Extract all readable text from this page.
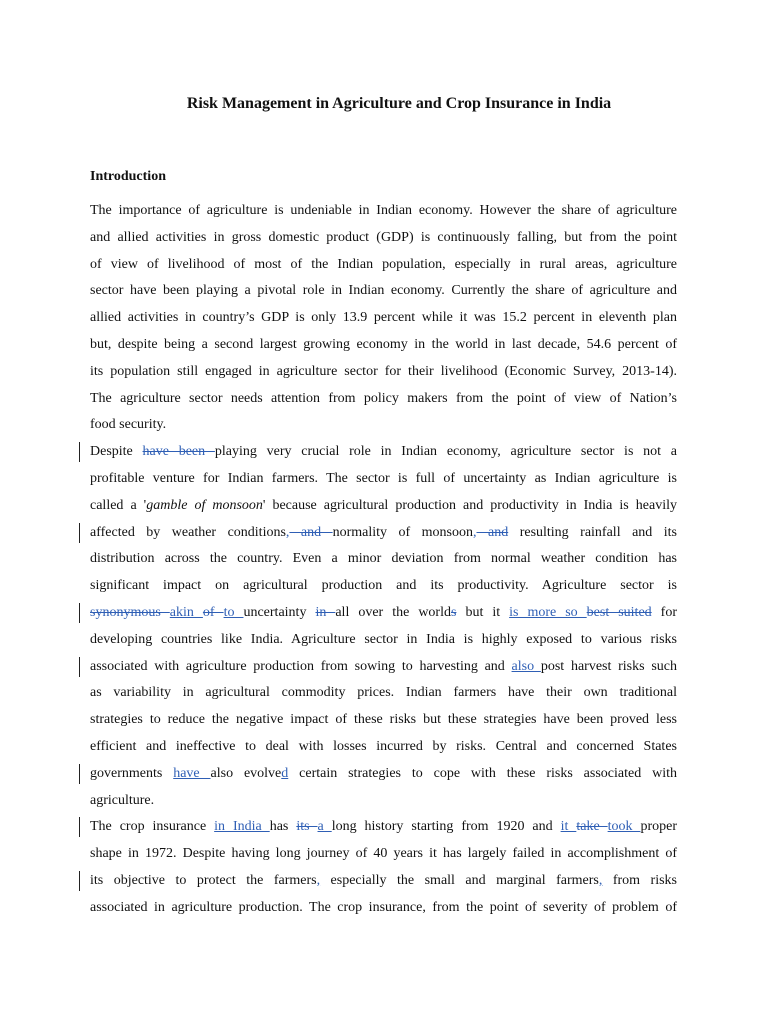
Risk Management in Agriculture and Crop Insurance in India
Introduction
The importance of agriculture is undeniable in Indian economy. However the share of agriculture
and allied activities in gross domestic product (GDP) is continuously falling, but from the point
of view of livelihood of most of the Indian population, especially in rural areas, agriculture
sector have been playing a pivotal role in Indian economy. Currently the share of agriculture and
allied activities in country’s GDP is only 13.9 percent while it was 15.2 percent in eleventh plan
but, despite being a second largest growing economy in the world in last decade, 54.6 percent of
its population still engaged in agriculture sector for their livelihood (Economic Survey, 2013-14).
The agriculture sector needs attention from policy makers from the point of view of Nation’s
food security.
Despite have been playing very crucial role in Indian economy, agriculture sector is not a
profitable venture for Indian farmers. The sector is full of uncertainty as Indian agriculture is
called a 'gamble of monsoon' because agricultural production and productivity in India is heavily
affected by weather conditions, and normality of monsoon, and resulting rainfall and its
distribution across the country. Even a minor deviation from normal weather condition has
significant impact on agricultural production and its productivity. Agriculture sector is
synonymous akin of to uncertainty in all over the worlds but it is more so best suited for
developing countries like India. Agriculture sector in India is highly exposed to various risks
associated with agriculture production from sowing to harvesting and also post harvest risks such
as variability in agricultural commodity prices. Indian farmers have their own traditional
strategies to reduce the negative impact of these risks but these strategies have been proved less
efficient and ineffective to deal with losses incurred by risks. Central and concerned States
governments have also evolved certain strategies to cope with these risks associated with
agriculture.
The crop insurance in India has its a long history starting from 1920 and it take took proper
shape in 1972. Despite having long journey of 40 years it has largely failed in accomplishment of
its objective to protect the farmers, especially the small and marginal farmers, from risks
associated in agriculture production. The crop insurance, from the point of severity of problem of
